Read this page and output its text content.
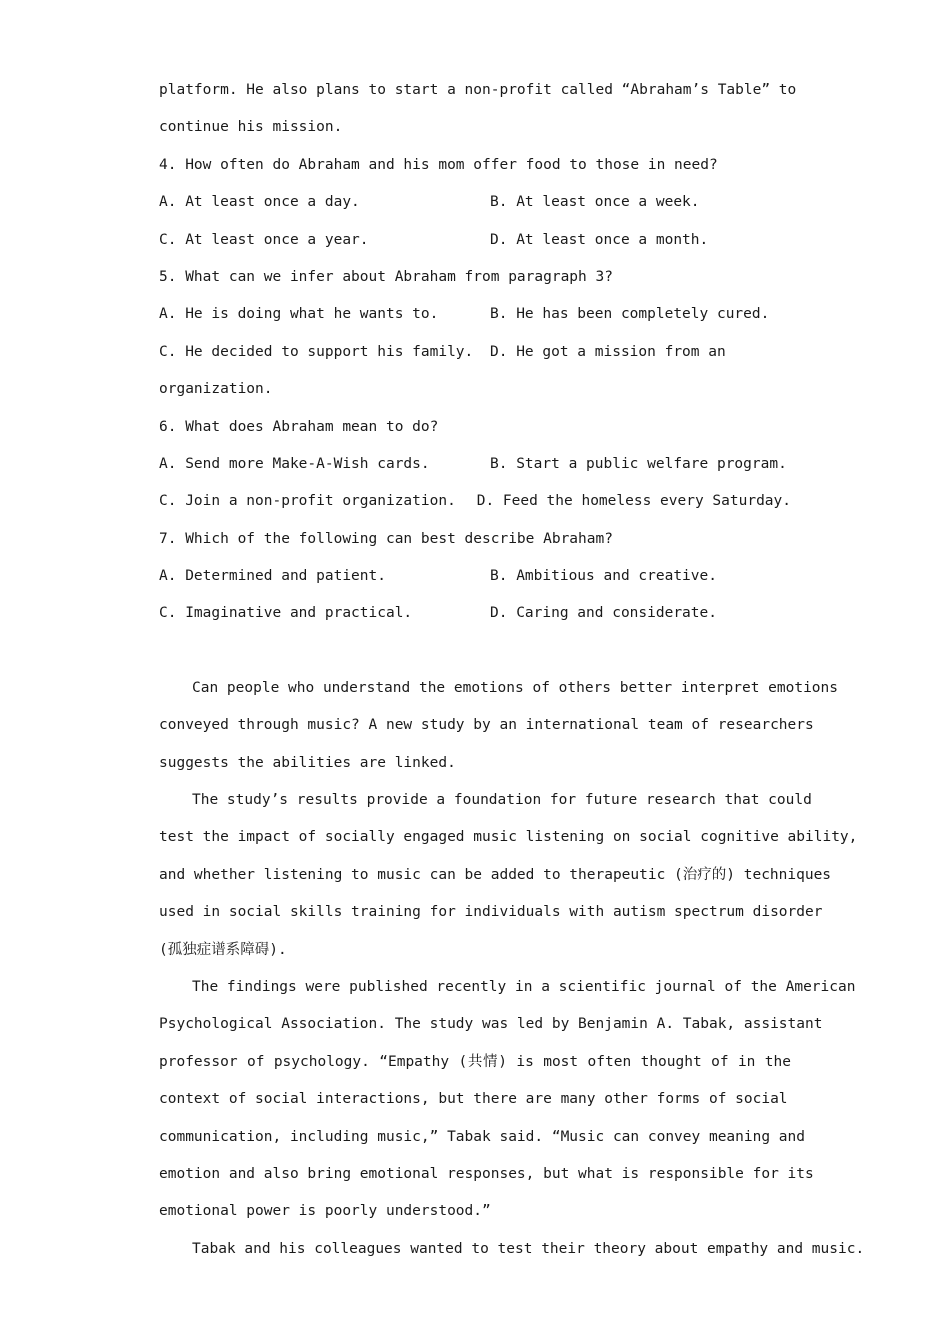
platform. He also plans to start a non-profit called “Abraham’s Table” to
continue his mission.
4. How often do Abraham and his mom offer food to those in need?
A. At least once a day.	B. At least once a week.
C. At least once a year.	D. At least once a month.
5. What can we infer about Abraham from paragraph 3?
A. He is doing what he wants to.	B. He has been completely cured.
C. He decided to support his family.	D. He got a mission from an
organization.
6. What does Abraham mean to do?
A. Send more Make-A-Wish cards.	B. Start a public welfare program.
C. Join a non-profit organization.	D. Feed the homeless every Saturday.
7. Which of the following can best describe Abraham?
A. Determined and patient.	B. Ambitious and creative.
C. Imaginative and practical.	D. Caring and considerate.
Can people who understand the emotions of others better interpret emotions
conveyed through music? A new study by an international team of researchers
suggests the abilities are linked.
The study’s results provide a foundation for future research that could
test the impact of socially engaged music listening on social cognitive ability,
and whether listening to music can be added to therapeutic (治疗的) techniques
used in social skills training for individuals with autism spectrum disorder
(孤独症谱系障碍).
The findings were published recently in a scientific journal of the American
Psychological Association. The study was led by Benjamin A. Tabak, assistant
professor of psychology. “Empathy (共情) is most often thought of in the
context of social interactions, but there are many other forms of social
communication, including music,” Tabak said. “Music can convey meaning and
emotion and also bring emotional responses, but what is responsible for its
emotional power is poorly understood.”
Tabak and his colleagues wanted to test their theory about empathy and music.
